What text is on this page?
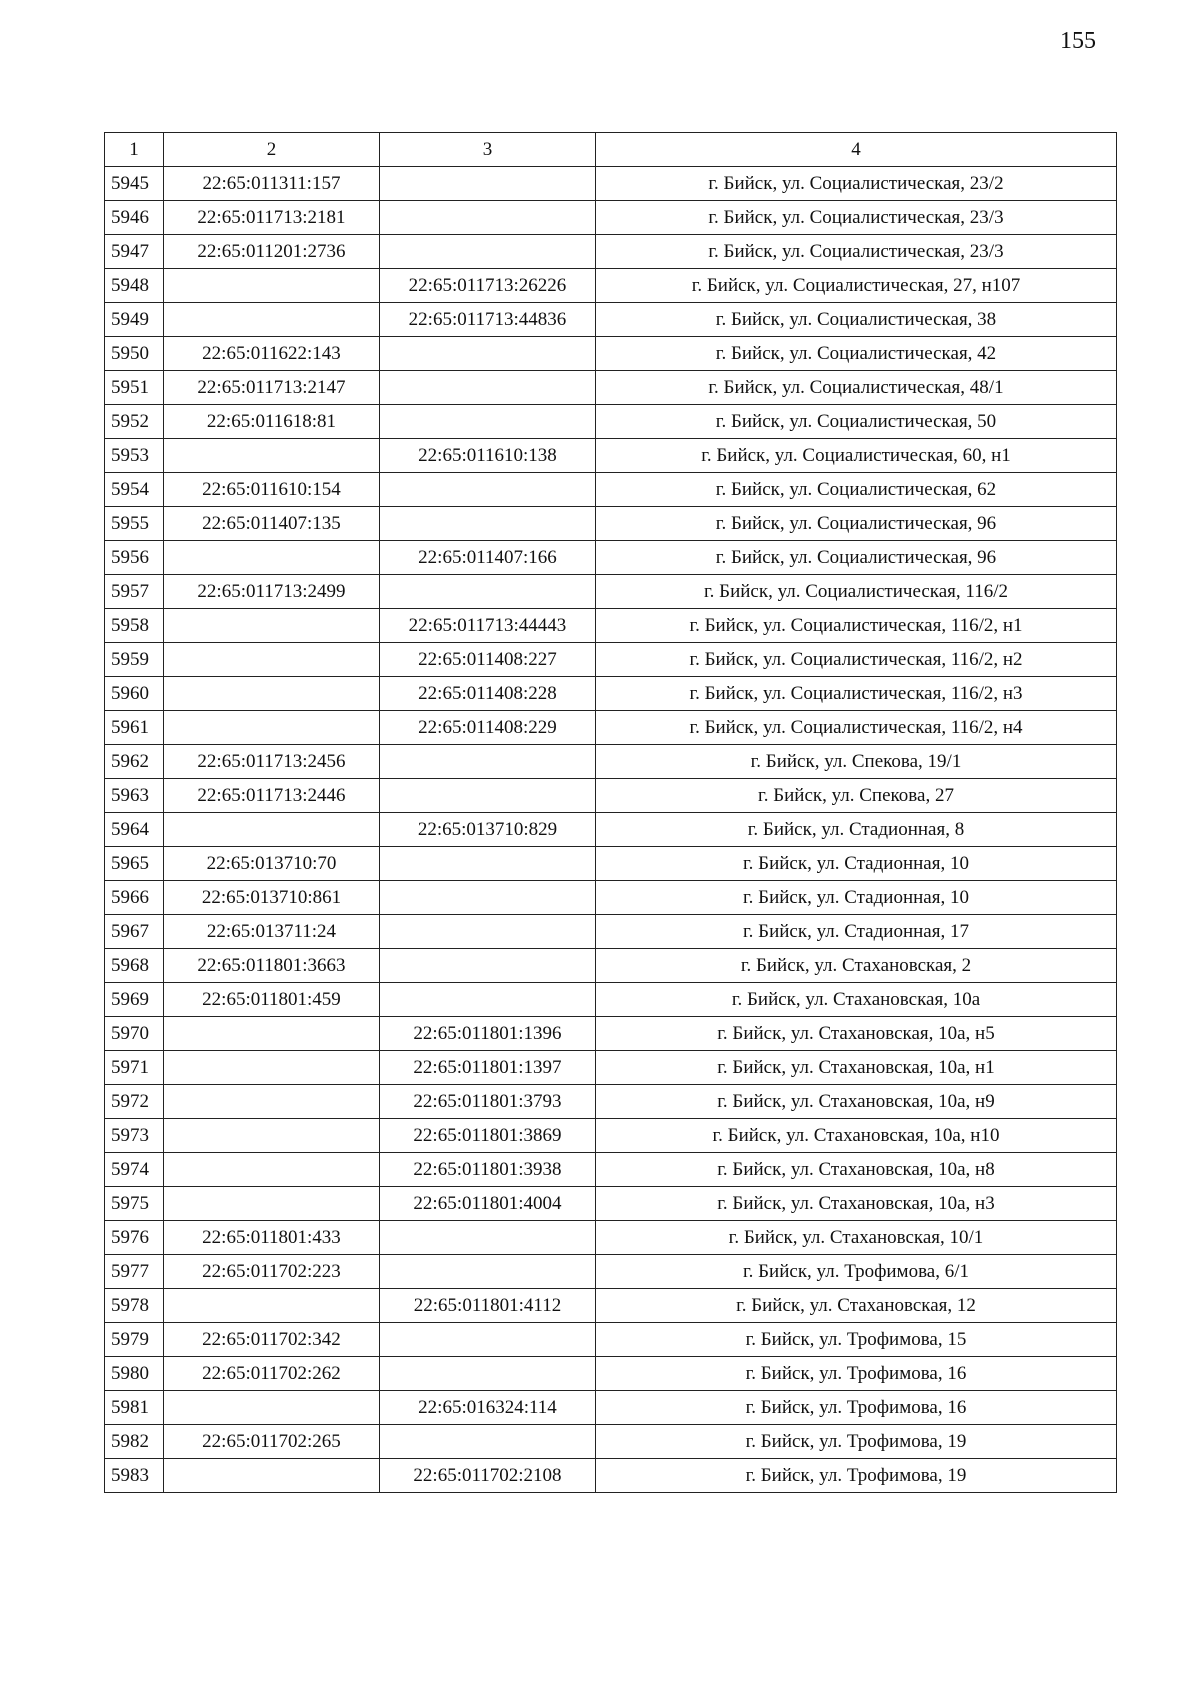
155
1	2	3	4
5945	22:65:011311:157		г. Бийск, ул. Социалистическая, 23/2
5946	22:65:011713:2181		г. Бийск, ул. Социалистическая, 23/3
5947	22:65:011201:2736		г. Бийск, ул. Социалистическая, 23/3
5948		22:65:011713:26226	г. Бийск, ул. Социалистическая, 27, н107
5949		22:65:011713:44836	г. Бийск, ул. Социалистическая, 38
5950	22:65:011622:143		г. Бийск, ул. Социалистическая, 42
5951	22:65:011713:2147		г. Бийск, ул. Социалистическая, 48/1
5952	22:65:011618:81		г. Бийск, ул. Социалистическая, 50
5953		22:65:011610:138	г. Бийск, ул. Социалистическая, 60, н1
5954	22:65:011610:154		г. Бийск, ул. Социалистическая, 62
5955	22:65:011407:135		г. Бийск, ул. Социалистическая, 96
5956		22:65:011407:166	г. Бийск, ул. Социалистическая, 96
5957	22:65:011713:2499		г. Бийск, ул. Социалистическая, 116/2
5958		22:65:011713:44443	г. Бийск, ул. Социалистическая, 116/2, н1
5959		22:65:011408:227	г. Бийск, ул. Социалистическая, 116/2, н2
5960		22:65:011408:228	г. Бийск, ул. Социалистическая, 116/2, н3
5961		22:65:011408:229	г. Бийск, ул. Социалистическая, 116/2, н4
5962	22:65:011713:2456		г. Бийск, ул. Спекова, 19/1
5963	22:65:011713:2446		г. Бийск, ул. Спекова, 27
5964		22:65:013710:829	г. Бийск, ул. Стадионная, 8
5965	22:65:013710:70		г. Бийск, ул. Стадионная, 10
5966	22:65:013710:861		г. Бийск, ул. Стадионная, 10
5967	22:65:013711:24		г. Бийск, ул. Стадионная, 17
5968	22:65:011801:3663		г. Бийск, ул. Стахановская, 2
5969	22:65:011801:459		г. Бийск, ул. Стахановская, 10а
5970		22:65:011801:1396	г. Бийск, ул. Стахановская, 10а, н5
5971		22:65:011801:1397	г. Бийск, ул. Стахановская, 10а, н1
5972		22:65:011801:3793	г. Бийск, ул. Стахановская, 10а, н9
5973		22:65:011801:3869	г. Бийск, ул. Стахановская, 10а, н10
5974		22:65:011801:3938	г. Бийск, ул. Стахановская, 10а, н8
5975		22:65:011801:4004	г. Бийск, ул. Стахановская, 10а, н3
5976	22:65:011801:433		г. Бийск, ул. Стахановская, 10/1
5977	22:65:011702:223		г. Бийск, ул. Трофимова, 6/1
5978		22:65:011801:4112	г. Бийск, ул. Стахановская, 12
5979	22:65:011702:342		г. Бийск, ул. Трофимова, 15
5980	22:65:011702:262		г. Бийск, ул. Трофимова, 16
5981		22:65:016324:114	г. Бийск, ул. Трофимова, 16
5982	22:65:011702:265		г. Бийск, ул. Трофимова, 19
5983		22:65:011702:2108	г. Бийск, ул. Трофимова, 19
